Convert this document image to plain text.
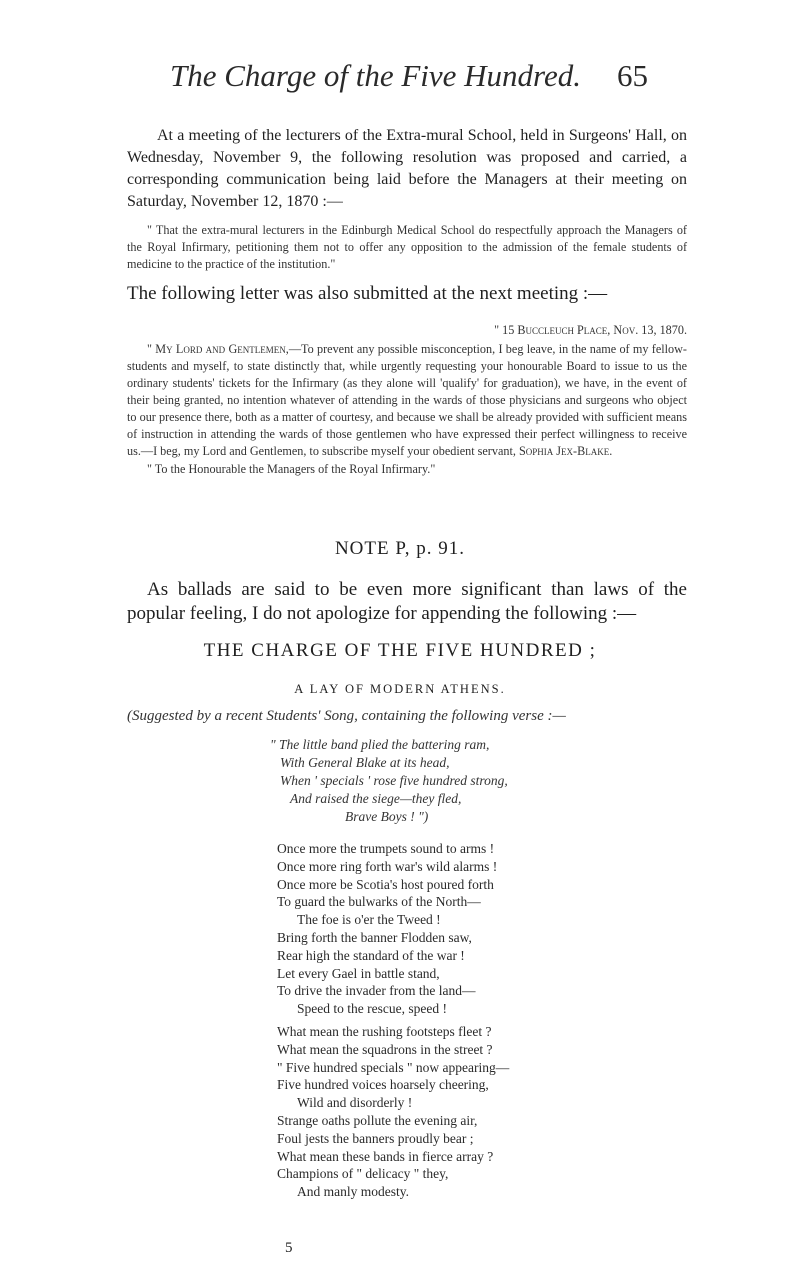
The Charge of the Five Hundred. 65
At a meeting of the lecturers of the Extra-mural School, held in Surgeons' Hall, on Wednesday, November 9, the following resolution was proposed and carried, a corresponding communication being laid before the Managers at their meeting on Saturday, November 12, 1870 :—
" That the extra-mural lecturers in the Edinburgh Medical School do respectfully approach the Managers of the Royal Infirmary, petitioning them not to offer any opposition to the admission of the female students of medicine to the practice of the institution."
The following letter was also submitted at the next meeting :—
" 15 Buccleuch Place, Nov. 13, 1870.
" My Lord and Gentlemen,—To prevent any possible misconception, I beg leave, in the name of my fellow-students and myself, to state distinctly that, while urgently requesting your honourable Board to issue to us the ordinary students' tickets for the Infirmary (as they alone will 'qualify' for graduation), we have, in the event of their being granted, no intention whatever of attending in the wards of those physicians and surgeons who object to our presence there, both as a matter of courtesy, and because we shall be already provided with sufficient means of instruction in attending the wards of those gentlemen who have expressed their perfect willingness to receive us.—I beg, my Lord and Gentlemen, to subscribe myself your obedient servant, Sophia Jex-Blake.
" To the Honourable the Managers of the Royal Infirmary."
NOTE P, p. 91.
As ballads are said to be even more significant than laws of the popular feeling, I do not apologize for appending the following :—
THE CHARGE OF THE FIVE HUNDRED ;
A LAY OF MODERN ATHENS.
(Suggested by a recent Students' Song, containing the following verse :—
" The little band plied the battering ram,
With General Blake at its head,
When ' specials ' rose five hundred strong,
And raised the siege—they fled,
Brave Boys ! ")
Once more the trumpets sound to arms !
Once more ring forth war's wild alarms !
Once more be Scotia's host poured forth
To guard the bulwarks of the North—
The foe is o'er the Tweed !
Bring forth the banner Flodden saw,
Rear high the standard of the war !
Let every Gael in battle stand,
To drive the invader from the land—
Speed to the rescue, speed !
What mean the rushing footsteps fleet ?
What mean the squadrons in the street ?
" Five hundred specials " now appearing—
Five hundred voices hoarsely cheering,
Wild and disorderly !
Strange oaths pollute the evening air,
Foul jests the banners proudly bear ;
What mean these bands in fierce array ?
Champions of " delicacy " they,
And manly modesty.
5
